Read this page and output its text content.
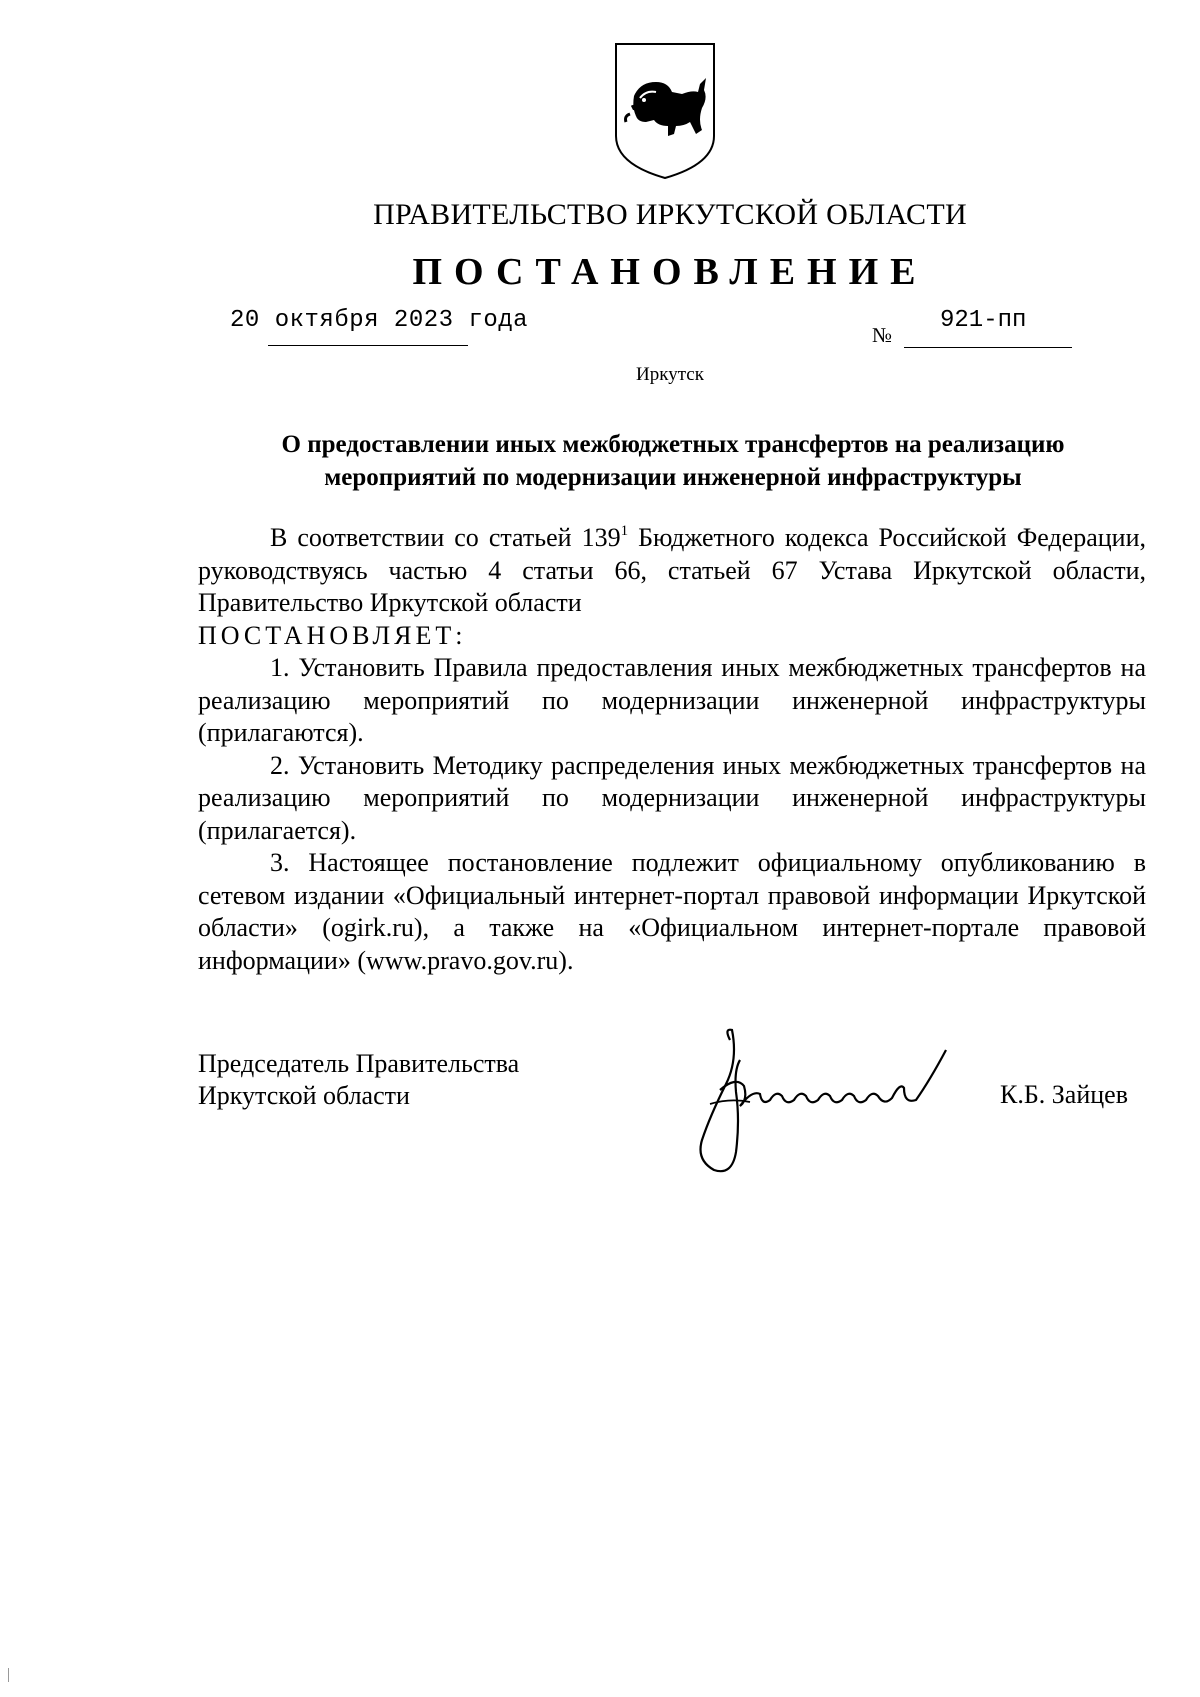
ПРАВИТЕЛЬСТВО ИРКУТСКОЙ ОБЛАСТИ
ПОСТАНОВЛЕНИЕ
20 октября 2023 года
№
921-пп
Иркутск
О предоставлении иных межбюджетных трансфертов на реализацию
мероприятий по модернизации инженерной инфраструктуры

В соответствии со статьей $139^1$ Бюджетного кодекса Российской Федерации, руководствуясь частью 4 статьи 66, статьей 67 Устава Иркутской области, Правительство Иркутской области

ПОСТАНОВЛЯЕТ:

1. Установить Правила предоставления иных межбюджетных трансфертов на реализацию мероприятий по модернизации инженерной инфраструктуры (прилагаются).

2. Установить Методику распределения иных межбюджетных трансфертов на реализацию мероприятий по модернизации инженерной инфраструктуры (прилагается).

3. Настоящее постановление подлежит официальному опубликованию в сетевом издании «Официальный интернет-портал правовой информации Иркутской области» (ogirk.ru), а также на «Официальном интернет-портале правовой информации» (www.pravo.gov.ru).

Председатель Правительства
Иркутской области	К.Б. Зайцев
